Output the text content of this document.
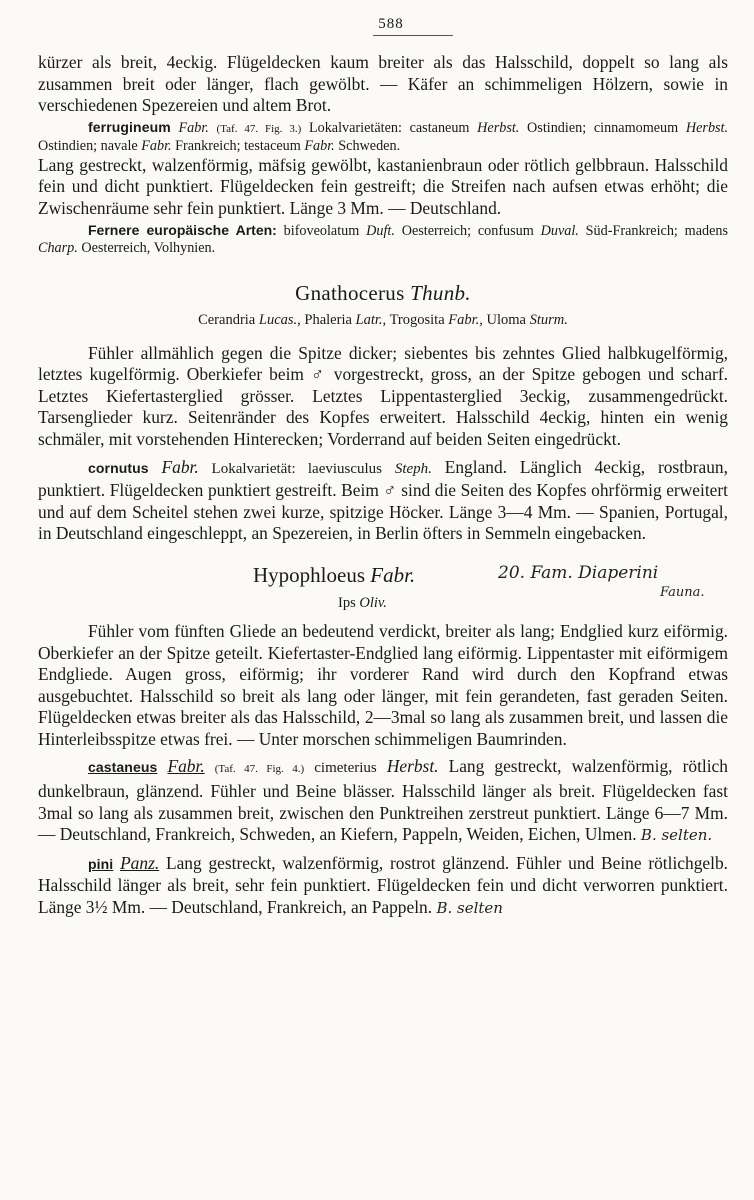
588

kürzer als breit, 4eckig. Flügeldecken kaum breiter als das Halsschild, doppelt so lang als zusammen breit oder länger, flach gewölbt. — Käfer an schimmeligen Hölzern, sowie in verschiedenen Spezereien und altem Brot.

ferrugineum Fabr. (Taf. 47. Fig. 3.) Lokalvarietäten: castaneum Herbst. Ostindien; cinnamomeum Herbst. Ostindien; navale Fabr. Frankreich; testaceum Fabr. Schweden.

Lang gestreckt, walzenförmig, mäfsig gewölbt, kastanienbraun oder rötlich gelbbraun. Halsschild fein und dicht punktiert. Flügeldecken fein gestreift; die Streifen nach aufsen etwas erhöht; die Zwischenräume sehr fein punktiert. Länge 3 Mm. — Deutschland.

Fernere europäische Arten: bifoveolatum Duft. Oesterreich; confusum Duval. Süd-Frankreich; madens Charp. Oesterreich, Volhynien.

Gnathocerus Thunb.
Cerandria Lucas., Phaleria Latr., Trogosita Fabr., Uloma Sturm.

Fühler allmählich gegen die Spitze dicker; siebentes bis zehntes Glied halbkugelförmig, letztes kugelförmig. Oberkiefer beim ♂ vorgestreckt, gross, an der Spitze gebogen und scharf. Letztes Kiefertasterglied grösser. Letztes Lippentasterglied 3eckig, zusammengedrückt. Tarsenglieder kurz. Seitenränder des Kopfes erweitert. Halsschild 4eckig, hinten ein wenig schmäler, mit vorstehenden Hinterecken; Vorderrand auf beiden Seiten eingedrückt.

cornutus Fabr. Lokalvarietät: laeviusculus Steph. England. Länglich 4eckig, rostbraun, punktiert. Flügeldecken punktiert gestreift. Beim ♂ sind die Seiten des Kopfes ohrförmig erweitert und auf dem Scheitel stehen zwei kurze, spitzige Höcker. Länge 3—4 Mm. — Spanien, Portugal, in Deutschland eingeschleppt, an Spezereien, in Berlin öfters in Semmeln eingebacken.

Hypophloeus Fabr.
Ips Oliv.
20. Fam. Diaperini
Fauna.

Fühler vom fünften Gliede an bedeutend verdickt, breiter als lang; Endglied kurz eiförmig. Oberkiefer an der Spitze geteilt. Kiefertaster-Endglied lang eiförmig. Lippentaster mit eiförmigem Endgliede. Augen gross, eiförmig; ihr vorderer Rand wird durch den Kopfrand etwas ausgebuchtet. Halsschild so breit als lang oder länger, mit fein gerandeten, fast geraden Seiten. Flügeldecken etwas breiter als das Halsschild, 2—3mal so lang als zusammen breit, und lassen die Hinterleibsspitze etwas frei. — Unter morschen schimmeligen Baumrinden.

castaneus Fabr. (Taf. 47. Fig. 4.) cimeterius Herbst. Lang gestreckt, walzenförmig, rötlich dunkelbraun, glänzend. Fühler und Beine blässer. Halsschild länger als breit. Flügeldecken fast 3mal so lang als zusammen breit, zwischen den Punktreihen zerstreut punktiert. Länge 6—7 Mm. — Deutschland, Frankreich, Schweden, an Kiefern, Pappeln, Weiden, Eichen, Ulmen. B. selten.

pini Panz. Lang gestreckt, walzenförmig, rostrot glänzend. Fühler und Beine rötlichgelb. Halsschild länger als breit, sehr fein punktiert. Flügeldecken fein und dicht verworren punktiert. Länge 3½ Mm. — Deutschland, Frankreich, an Pappeln. B. selten
